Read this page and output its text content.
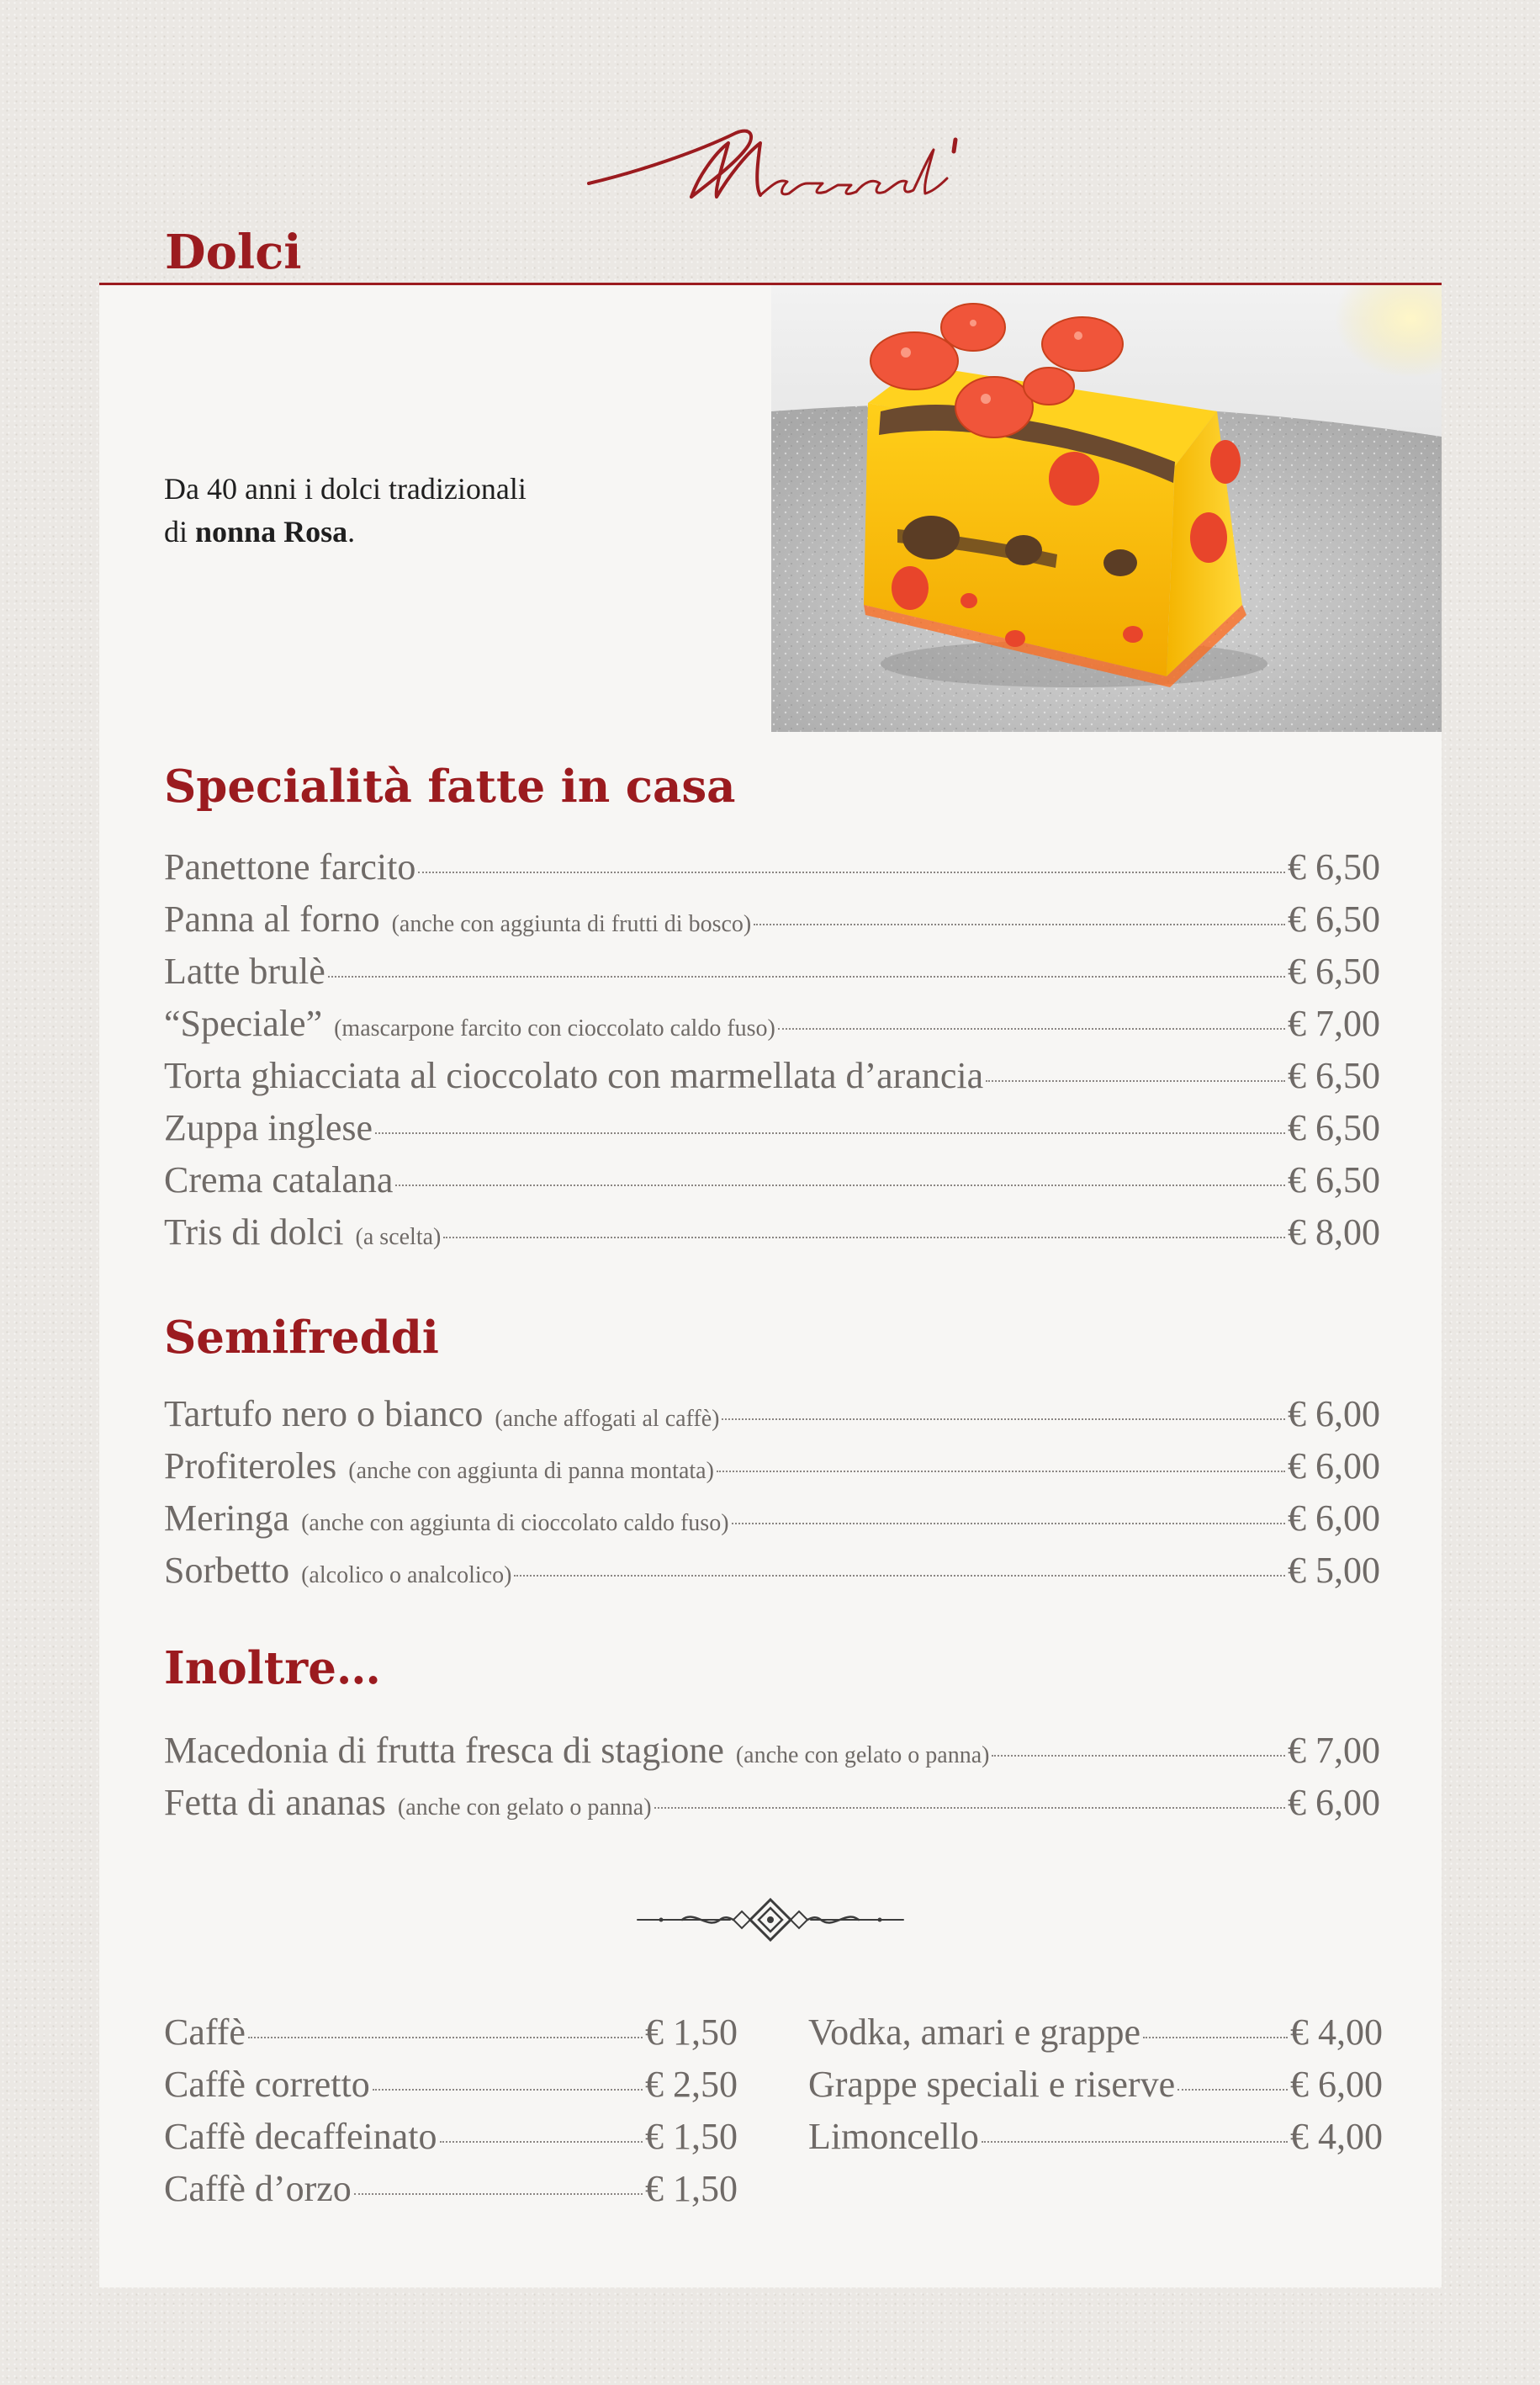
Dolci

Da 40 anni i dolci tradizionali
di nonna Rosa.

Specialità fatte in casa
Panettone farcito	€ 6,50
Panna al forno (anche con aggiunta di frutti di bosco)	€ 6,50
Latte brulè	€ 6,50
“Speciale” (mascarpone farcito con cioccolato caldo fuso)	€ 7,00
Torta ghiacciata al cioccolato con marmellata d’arancia	€ 6,50
Zuppa inglese	€ 6,50
Crema catalana	€ 6,50
Tris di dolci (a scelta)	€ 8,00
Semifreddi
Tartufo nero o bianco (anche affogati al caffè)	€ 6,00
Profiteroles (anche con aggiunta di panna montata)	€ 6,00
Meringa (anche con aggiunta di cioccolato caldo fuso)	€ 6,00
Sorbetto (alcolico o analcolico)	€ 5,00
Inoltre…
Macedonia di frutta fresca di stagione (anche con gelato o panna)	€ 7,00
Fetta di ananas (anche con gelato o panna)	€ 6,00
Caffè	€ 1,50
Caffè corretto	€ 2,50
Caffè decaffeinato	€ 1,50
Caffè d’orzo	€ 1,50
Vodka, amari e grappe	€ 4,00
Grappe speciali e riserve	€ 6,00
Limoncello	€ 4,00
